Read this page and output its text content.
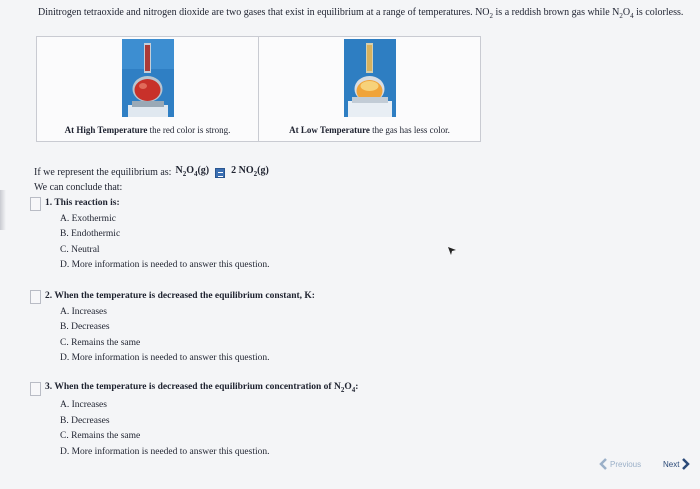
Dinitrogen tetraoxide and nitrogen dioxide are two gases that exist in equilibrium at a range of temperatures. $NO_2$ is a reddish brown gas while $N_2O_4$ is colorless.

At High Temperature the red color is strong.	At Low Temperature the gas has less color.
If we represent the equilibrium as: $N_2O_4(g)$ 2 $NO_2(g)$
We can conclude that:
1. This reaction is:
A. Exothermic
B. Endothermic
C. Neutral
D. More information is needed to answer this question.
2. When the temperature is decreased the equilibrium constant, K:
A. Increases
B. Decreases
C. Remains the same
D. More information is needed to answer this question.
3. When the temperature is decreased the equilibrium concentration of $N_2O_4$:
A. Increases
B. Decreases
C. Remains the same
D. More information is needed to answer this question.
Previous	Next
